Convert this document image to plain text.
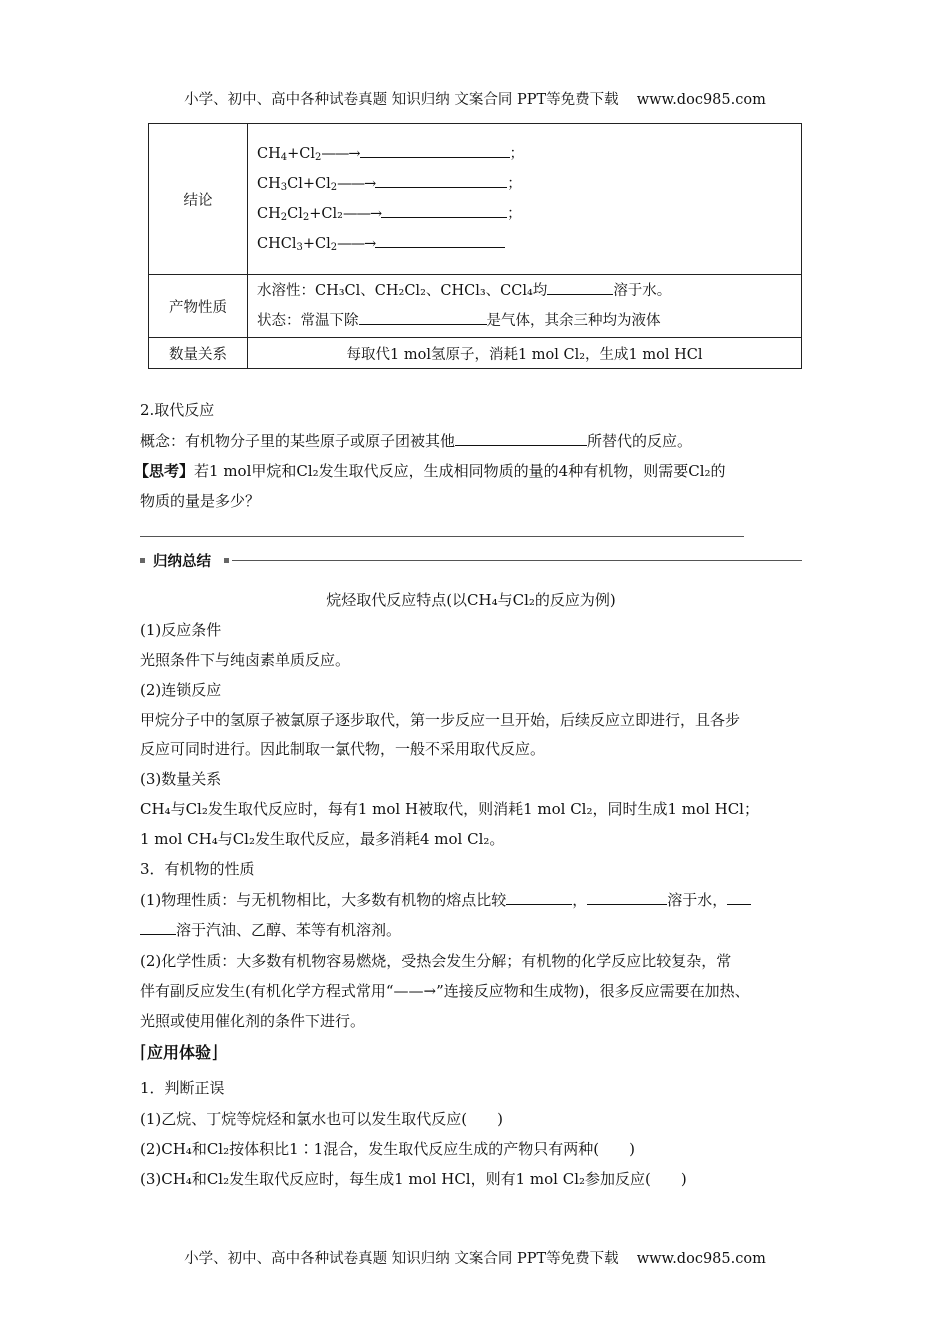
小学、初中、高中各种试卷真题 知识归纳 文案合同 PPT等免费下载 www.doc985.com
结论	$CH_4+Cl_2——\to$ ；
$CH_3Cl+Cl_2——\to$ ；
$CH_2Cl_2+Cl_2——\to$ ；
$CHCl_3+Cl_2——\to$

产物性质	水溶性：CH₃Cl、CH₂Cl₂、CHCl₃、CCl₄均 溶于水。
状态：常温下除 是气体，其余三种均为液体

数量关系	每取代1 mol氢原子，消耗1 mol Cl₂，生成1 mol HCl
2.取代反应
概念：有机物分子里的某些原子或原子团被其他	所替代的反应。
【思考】若1 mol甲烷和Cl₂发生取代反应，生成相同物质的量的4种有机物，则需要Cl₂的
物质的量是多少？
归纳总结
烷烃取代反应特点(以CH₄与Cl₂的反应为例)
(1)反应条件
光照条件下与纯卤素单质反应。
(2)连锁反应
甲烷分子中的氢原子被氯原子逐步取代，第一步反应一旦开始，后续反应立即进行，且各步
反应可同时进行。因此制取一氯代物，一般不采用取代反应。
(3)数量关系
CH₄与Cl₂发生取代反应时，每有1 mol H被取代，则消耗1 mol Cl₂，同时生成1 mol HCl；
1 mol CH₄与Cl₂发生取代反应，最多消耗4 mol Cl₂。
3．有机物的性质
(1)物理性质：与无机物相比，大多数有机物的熔点比较	，	溶于水，
溶于汽油、乙醇、苯等有机溶剂。
(2)化学性质：大多数有机物容易燃烧，受热会发生分解；有机物的化学反应比较复杂，常
伴有副反应发生(有机化学方程式常用“——→”连接反应物和生成物)，很多反应需要在加热、
光照或使用催化剂的条件下进行。
⌈应用体验⌋
1．判断正误
(1)乙烷、丁烷等烷烃和氯水也可以发生取代反应( )
(2)CH₄和Cl₂按体积比1∶1混合，发生取代反应生成的产物只有两种( )
(3)CH₄和Cl₂发生取代反应时，每生成1 mol HCl，则有1 mol Cl₂参加反应( )
小学、初中、高中各种试卷真题 知识归纳 文案合同 PPT等免费下载 www.doc985.com
